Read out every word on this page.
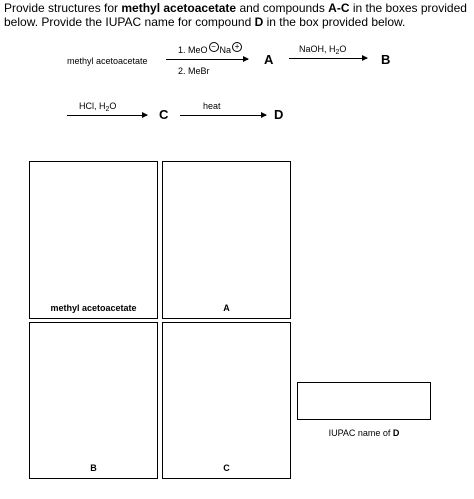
Provide structures for methyl acetoacetate and compounds A-C in the boxes provided
below. Provide the IUPAC name for compound D in the box provided below.
methyl acetoacetate
1. MeO − Na +
2. MeBr
A
NaOH, $H_2O$
B
HCl, $H_2O$
C
heat
D
methyl acetoacetate	A
B	C
IUPAC name of D
